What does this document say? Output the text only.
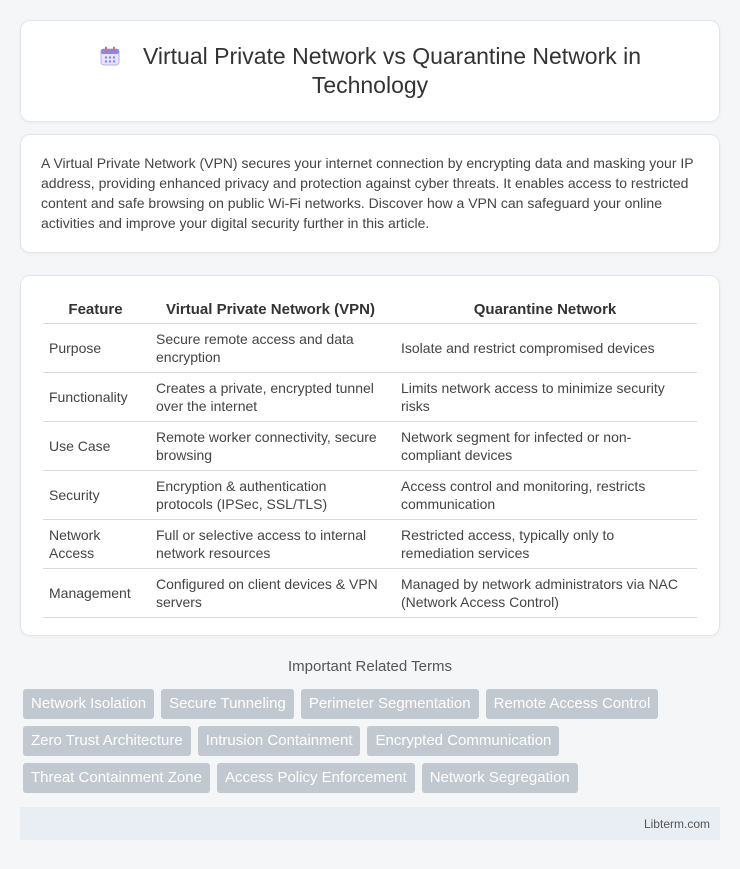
Virtual Private Network vs Quarantine Network in Technology

A Virtual Private Network (VPN) secures your internet connection by encrypting data and masking your IP address, providing enhanced privacy and protection against cyber threats. It enables access to restricted content and safe browsing on public Wi-Fi networks. Discover how a VPN can safeguard your online activities and improve your digital security further in this article.

Feature	Virtual Private Network (VPN)	Quarantine Network
Purpose	Secure remote access and data encryption	Isolate and restrict compromised devices
Functionality	Creates a private, encrypted tunnel over the internet	Limits network access to minimize security risks
Use Case	Remote worker connectivity, secure browsing	Network segment for infected or non-compliant devices
Security	Encryption & authentication protocols (IPSec, SSL/TLS)	Access control and monitoring, restricts communication
Network Access	Full or selective access to internal network resources	Restricted access, typically only to remediation services
Management	Configured on client devices & VPN servers	Managed by network administrators via NAC (Network Access Control)
Important Related Terms
Network Isolation	Secure Tunneling	Perimeter Segmentation	Remote Access Control
Zero Trust Architecture	Intrusion Containment	Encrypted Communication
Threat Containment Zone	Access Policy Enforcement	Network Segregation
Libterm.com
